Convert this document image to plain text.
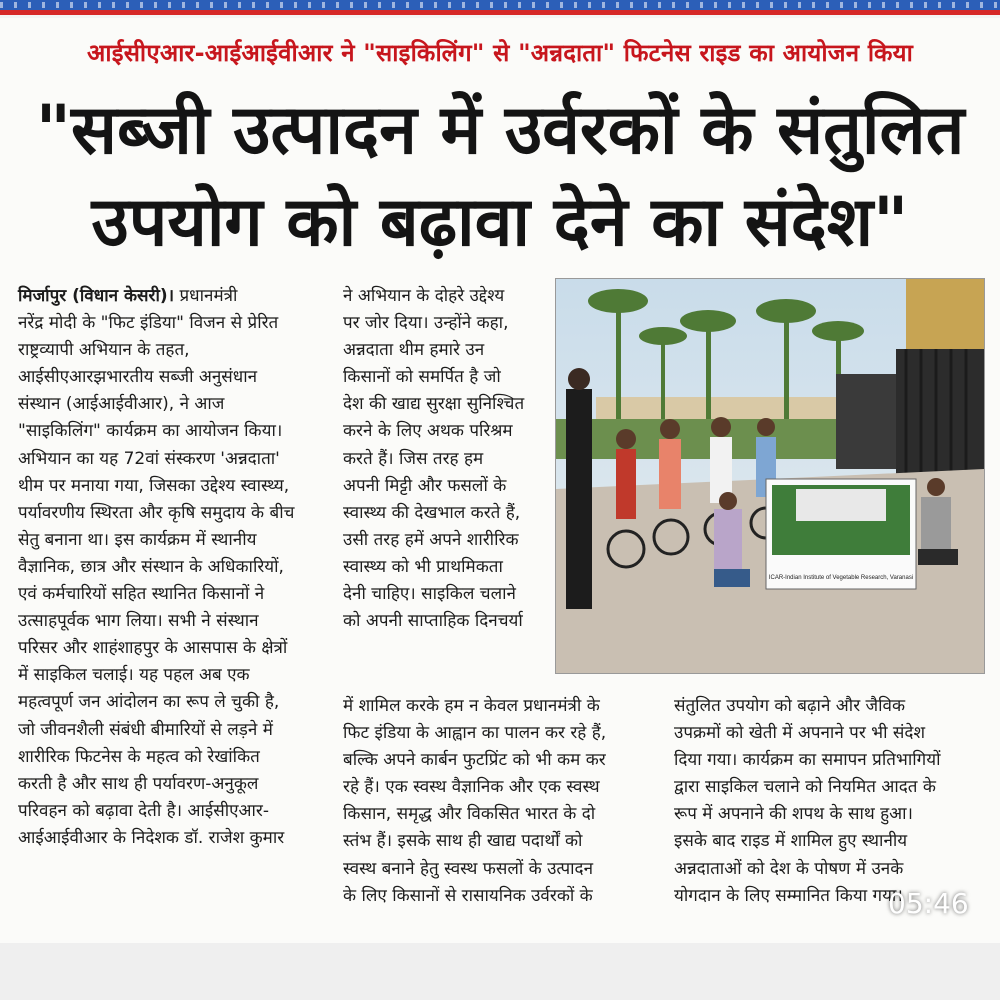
आईसीएआर-आईआईवीआर ने "साइकिलिंग" से "अन्नदाता" फिटनेस राइड का आयोजन किया
"सब्जी उत्पादन में उर्वरकों के संतुलित
उपयोग को बढ़ावा देने का संदेश"
मिर्जापुर (विधान केसरी)। प्रधानमंत्री
नरेंद्र मोदी के "फिट इंडिया" विजन से प्रेरित
राष्ट्रव्यापी अभियान के तहत,
आईसीएआरझभारतीय सब्जी अनुसंधान
संस्थान (आईआईवीआर), ने आज
"साइकिलिंग" कार्यक्रम का आयोजन किया।
अभियान का यह 72वां संस्करण 'अन्नदाता'
थीम पर मनाया गया, जिसका उद्देश्य स्वास्थ्य,
पर्यावरणीय स्थिरता और कृषि समुदाय के बीच
सेतु बनाना था। इस कार्यक्रम में स्थानीय
वैज्ञानिक, छात्र और संस्थान के अधिकारियों,
एवं कर्मचारियों सहित स्थानित किसानों ने
उत्साहपूर्वक भाग लिया। सभी ने संस्थान
परिसर और शाहंशाहपुर के आसपास के क्षेत्रों
में साइकिल चलाई। यह पहल अब एक
महत्वपूर्ण जन आंदोलन का रूप ले चुकी है,
जो जीवनशैली संबंधी बीमारियों से लड़ने में
शारीरिक फिटनेस के महत्व को रेखांकित
करती है और साथ ही पर्यावरण-अनुकूल
परिवहन को बढ़ावा देती है। आईसीएआर-
आईआईवीआर के निदेशक डॉ. राजेश कुमार
ने अभियान के दोहरे उद्देश्य
पर जोर दिया। उन्होंने कहा,
अन्नदाता थीम हमारे उन
किसानों को समर्पित है जो
देश की खाद्य सुरक्षा सुनिश्चित
करने के लिए अथक परिश्रम
करते हैं। जिस तरह हम
अपनी मिट्टी और फसलों के
स्वास्थ्य की देखभाल करते हैं,
उसी तरह हमें अपने शारीरिक
स्वास्थ्य को भी प्राथमिकता
देनी चाहिए। साइकिल चलाने
को अपनी साप्ताहिक दिनचर्या
में शामिल करके हम न केवल प्रधानमंत्री के
फिट इंडिया के आह्वान का पालन कर रहे हैं,
बल्कि अपने कार्बन फुटप्रिंट को भी कम कर
रहे हैं। एक स्वस्थ वैज्ञानिक और एक स्वस्थ
किसान, समृद्ध और विकसित भारत के दो
स्तंभ हैं। इसके साथ ही खाद्य पदार्थों को
स्वस्थ बनाने हेतु स्वस्थ फसलों के उत्पादन
के लिए किसानों से रासायनिक उर्वरकों के
संतुलित उपयोग को बढ़ाने और जैविक
उपक्रमों को खेती में अपनाने पर भी संदेश
दिया गया। कार्यक्रम का समापन प्रतिभागियों
द्वारा साइकिल चलाने को नियमित आदत के
रूप में अपनाने की शपथ के साथ हुआ।
इसके बाद राइड में शामिल हुए स्थानीय
अन्नदाताओं को देश के पोषण में उनके
योगदान के लिए सम्मानित किया गया।
ICAR-Indian Institute of Vegetable Research, Varanasi
05:46
